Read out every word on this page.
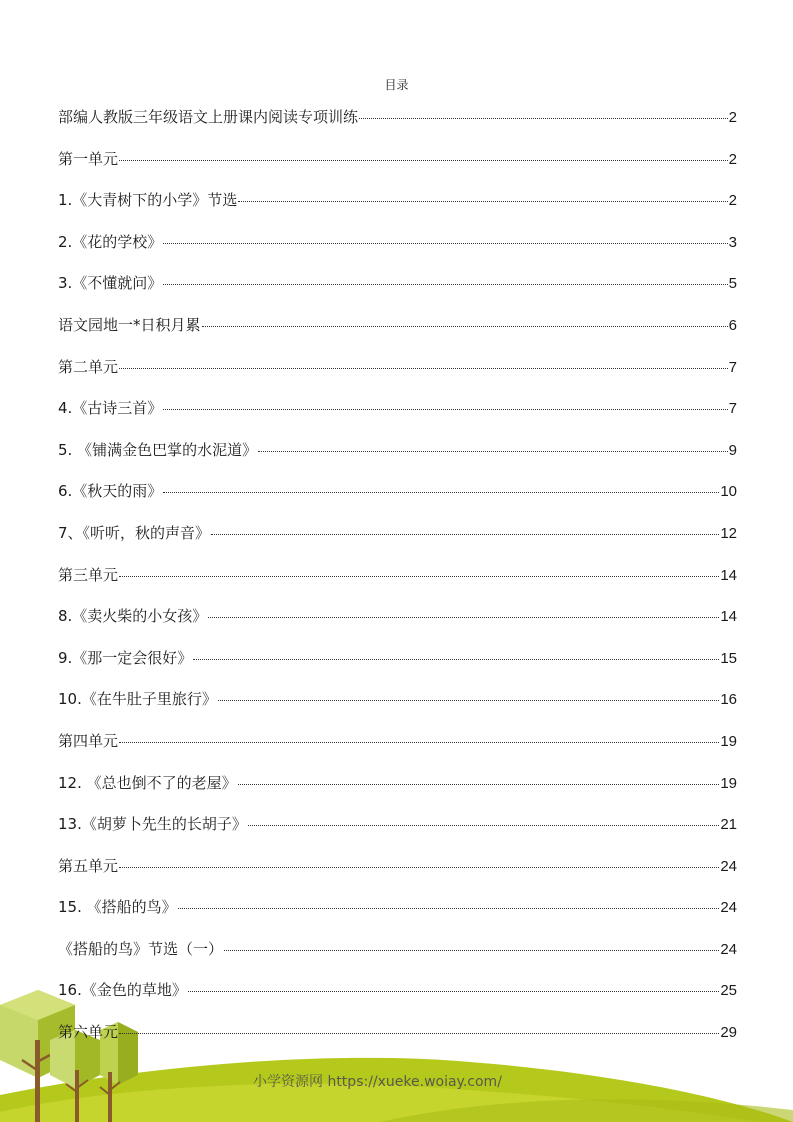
目录
部编人教版三年级语文上册课内阅读专项训练	2
第一单元	2
1.《大青树下的小学》节选	2
2.《花的学校》	3
3.《不懂就问》	5
语文园地一*日积月累	6
第二单元	7
4.《古诗三首》	7
5. 《铺满金色巴掌的水泥道》	9
6.《秋天的雨》	10
7、《听听，秋的声音》	12
第三单元	14
8.《卖火柴的小女孩》	14
9.《那一定会很好》	15
10.《在牛肚子里旅行》	16
第四单元	19
12. 《总也倒不了的老屋》	19
13.《胡萝卜先生的长胡子》	21
第五单元	24
15. 《搭船的鸟》	24
《搭船的鸟》节选（一）	24
16.《金色的草地》	25
第六单元	29
小学资源网 https://xueke.woiay.com/
